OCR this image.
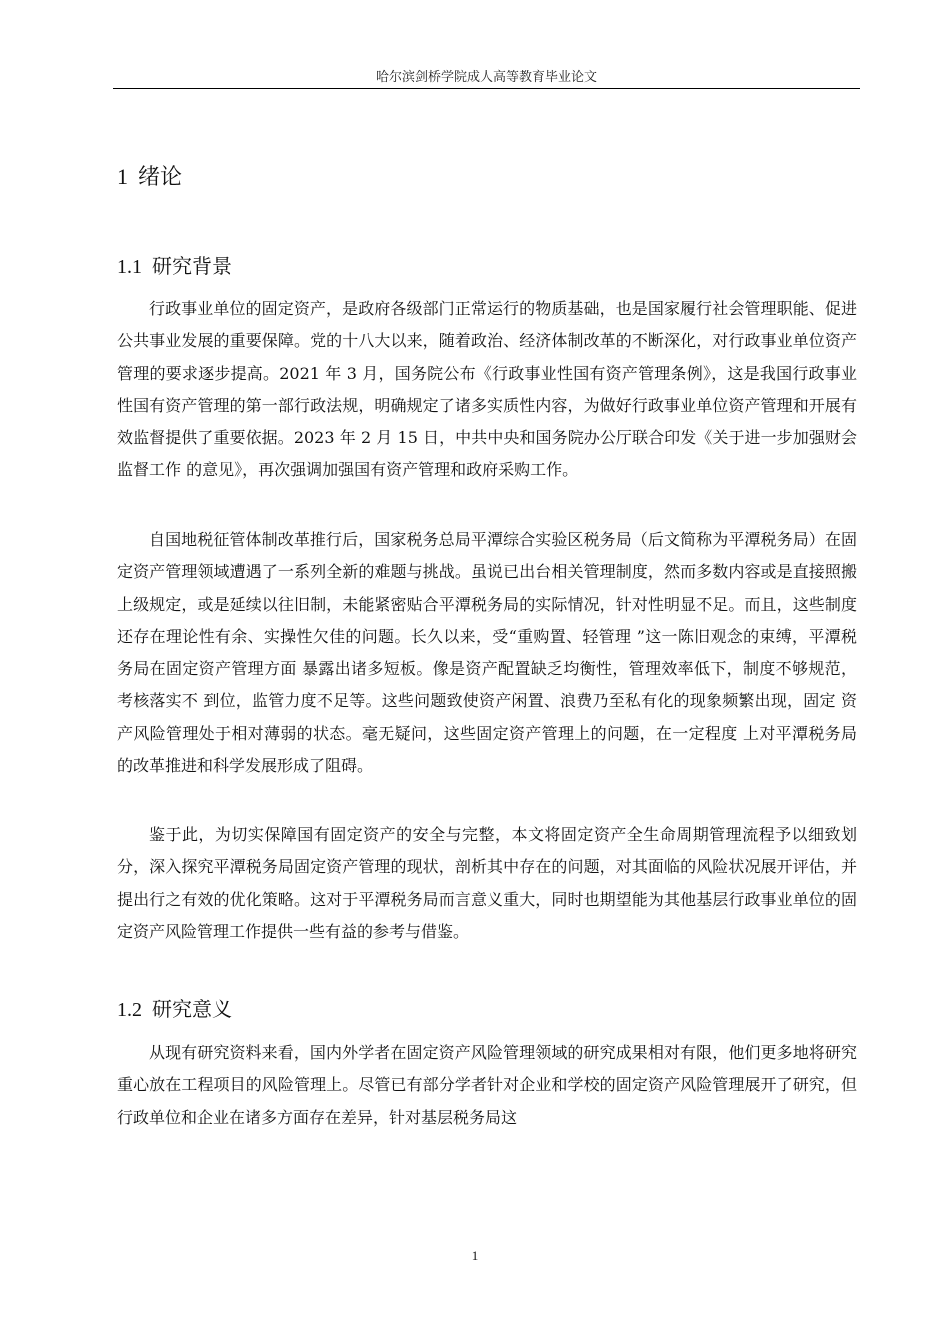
哈尔滨剑桥学院成人高等教育毕业论文
1 绪论
1.1 研究背景

行政事业单位的固定资产，是政府各级部门正常运行的物质基础，也是国家履行社会管理职能、促进公共事业发展的重要保障。党的十八大以来，随着政治、经济体制改革的不断深化，对行政事业单位资产管理的要求逐步提高。2021 年 3 月，国务院公布《行政事业性国有资产管理条例》，这是我国行政事业性国有资产管理的第一部行政法规，明确规定了诸多实质性内容，为做好行政事业单位资产管理和开展有效监督提供了重要依据。2023 年 2 月 15 日，中共中央和国务院办公厅联合印发《关于进一步加强财会监督工作 的意见》，再次强调加强国有资产管理和政府采购工作。

自国地税征管体制改革推行后，国家税务总局平潭综合实验区税务局（后文简称为平潭税务局）在固定资产管理领域遭遇了一系列全新的难题与挑战。虽说已出台相关管理制度，然而多数内容或是直接照搬上级规定，或是延续以往旧制，未能紧密贴合平潭税务局的实际情况，针对性明显不足。而且，这些制度还存在理论性有余、实操性欠佳的问题。长久以来，受“重购置、轻管理 ”这一陈旧观念的束缚，平潭税务局在固定资产管理方面 暴露出诸多短板。像是资产配置缺乏均衡性，管理效率低下，制度不够规范，考核落实不 到位，监管力度不足等。这些问题致使资产闲置、浪费乃至私有化的现象频繁出现，固定 资产风险管理处于相对薄弱的状态。毫无疑问，这些固定资产管理上的问题，在一定程度 上对平潭税务局的改革推进和科学发展形成了阻碍。

鉴于此，为切实保障国有固定资产的安全与完整，本文将固定资产全生命周期管理流程予以细致划分，深入探究平潭税务局固定资产管理的现状，剖析其中存在的问题，对其面临的风险状况展开评估，并提出行之有效的优化策略。这对于平潭税务局而言意义重大，同时也期望能为其他基层行政事业单位的固定资产风险管理工作提供一些有益的参考与借鉴。

1.2 研究意义

从现有研究资料来看，国内外学者在固定资产风险管理领域的研究成果相对有限，他们更多地将研究重心放在工程项目的风险管理上。尽管已有部分学者针对企业和学校的固定资产风险管理展开了研究，但行政单位和企业在诸多方面存在差异，针对基层税务局这

1
